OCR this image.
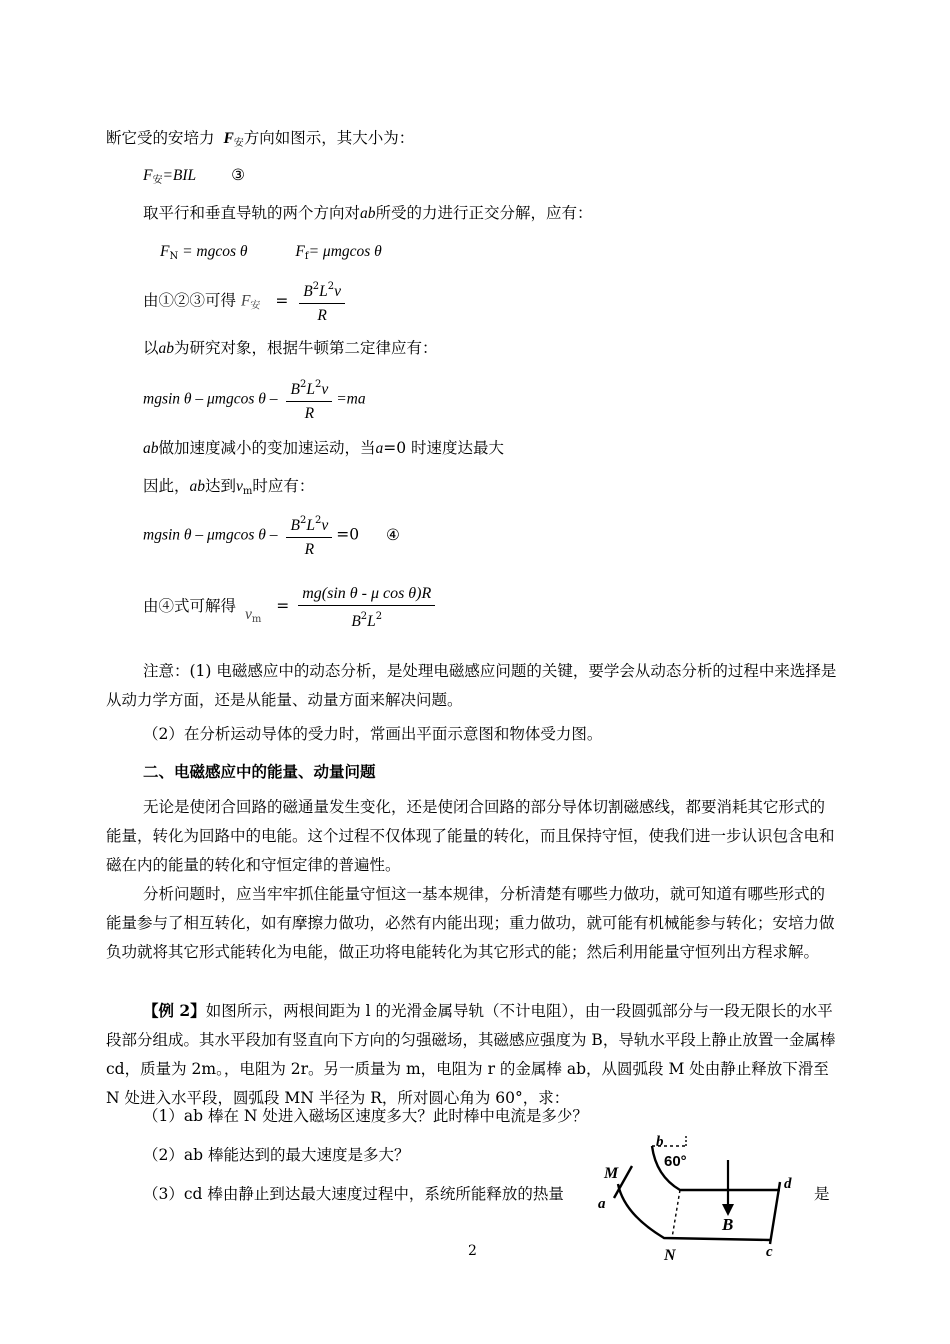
断它受的安培力 $F_安$方向如图示，其大小为：
$F_安=BIL$ ③
取平行和垂直导轨的两个方向对ab所受的力进行正交分解，应有：
$F_N = mgcos$ θ	$F_f= \mu mgcos$ θ
由①②③可得 $F_安 = \frac{B^2L^2v}{R}$
以ab为研究对象，根据牛顿第二定律应有：
mgsin θ – μmgcos $\theta - \frac{B^2L^2v}{R} =ma$
ab做加速度减小的变加速运动，当a=0 时速度达最大
因此，ab达到$v_m$时应有：
mgsin θ – μmgcos $\theta - \frac{B^2L^2v}{R} =0$ ④
由④式可解得 $v_m = \frac{\text{mg(sin θ - μ cos θ)R}}{B^2L^2}$
注意：(1) 电磁感应中的动态分析，是处理电磁感应问题的关键，要学会从动态分析的过程中来选择是从动力学方面，还是从能量、动量方面来解决问题。
（2）在分析运动导体的受力时，常画出平面示意图和物体受力图。
二、电磁感应中的能量、动量问题
无论是使闭合回路的磁通量发生变化，还是使闭合回路的部分导体切割磁感线，都要消耗其它形式的能量，转化为回路中的电能。这个过程不仅体现了能量的转化，而且保持守恒，使我们进一步认识包含电和磁在内的能量的转化和守恒定律的普遍性。
分析问题时，应当牢牢抓住能量守恒这一基本规律，分析清楚有哪些力做功，就可知道有哪些形式的能量参与了相互转化，如有摩擦力做功，必然有内能出现；重力做功，就可能有机械能参与转化；安培力做负功就将其它形式能转化为电能，做正功将电能转化为其它形式的能；然后利用能量守恒列出方程求解。
【例 2】如图所示，两根间距为 l 的光滑金属导轨（不计电阻），由一段圆弧部分与一段无限长的水平段部分组成。其水平段加有竖直向下方向的匀强磁场，其磁感应强度为 B，导轨水平段上静止放置一金属棒 cd，质量为 2m。，电阻为 2r。另一质量为 m，电阻为 r 的金属棒 ab，从圆弧段 M 处由静止释放下滑至 N 处进入水平段，圆弧段 MN 半径为 R，所对圆心角为 60°，求：
（1）ab 棒在 N 处进入磁场区速度多大？此时棒中电流是多少？
（2）ab 棒能达到的最大速度是多大？
（3）cd 棒由静止到达最大速度过程中，系统所能释放的热量	是
b
60°
M
a
d
B
N	c
2
